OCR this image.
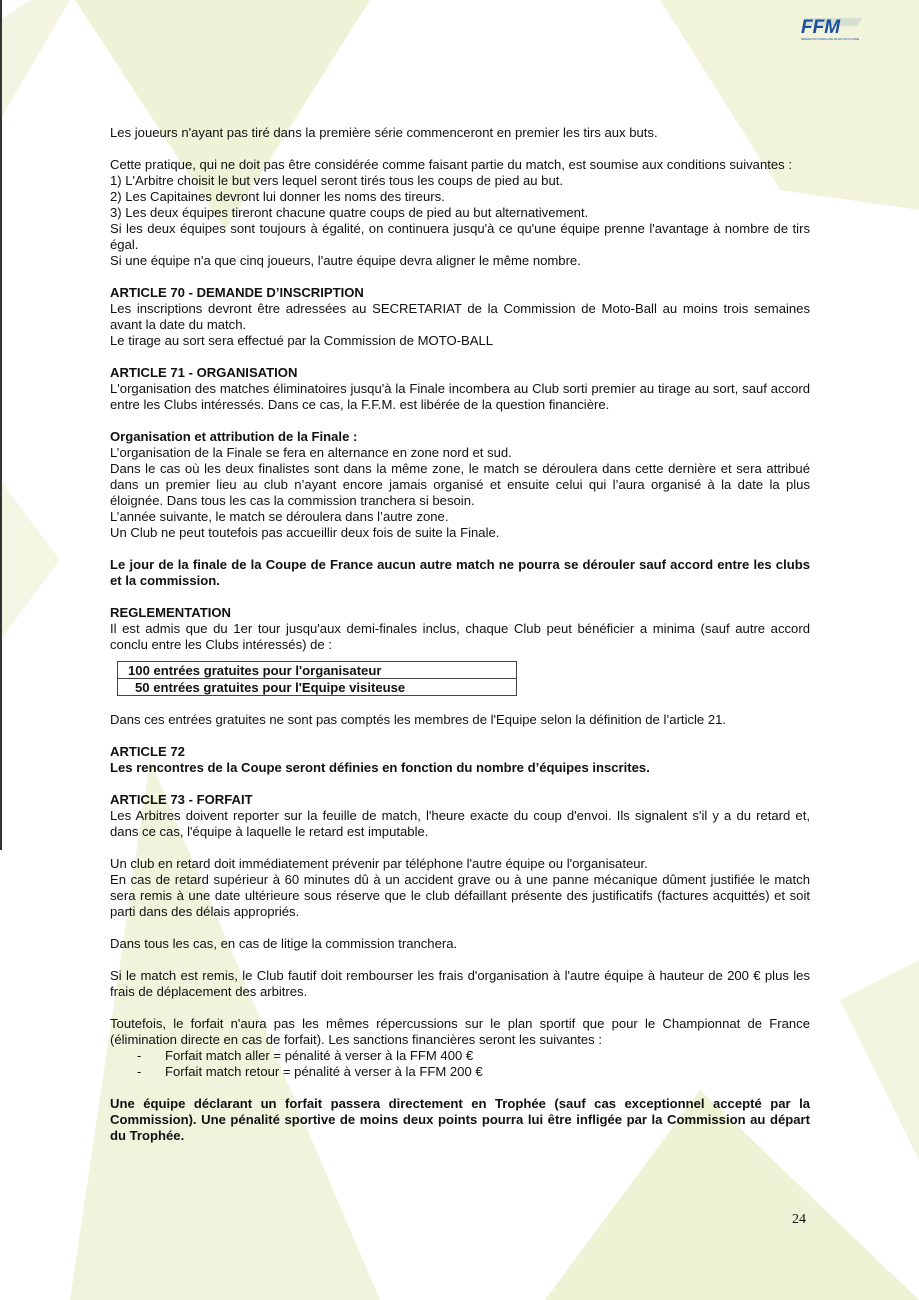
FFM
FÉDÉRATION FRANÇAISE DE MOTOCYCLISME

Les joueurs n'ayant pas tiré dans la première série commenceront en premier les tirs aux buts.

Cette pratique, qui ne doit pas être considérée comme faisant partie du match, est soumise aux conditions suivantes :

1) L'Arbitre choisit le but vers lequel seront tirés tous les coups de pied au but.

2) Les Capitaines devront lui donner les noms des tireurs.

3) Les deux équipes tireront chacune quatre coups de pied au but alternativement.

Si les deux équipes sont toujours à égalité, on continuera jusqu'à ce qu'une équipe prenne l'avantage à nombre de tirs égal.

Si une équipe n'a que cinq joueurs, l'autre équipe devra aligner le même nombre.

ARTICLE 70 - DEMANDE D’INSCRIPTION

Les inscriptions devront être adressées au SECRETARIAT de la Commission de Moto-Ball au moins trois semaines avant la date du match.

Le tirage au sort sera effectué par la Commission de MOTO-BALL

ARTICLE 71 - ORGANISATION

L'organisation des matches éliminatoires jusqu'à la Finale incombera au Club sorti premier au tirage au sort, sauf accord entre les Clubs intéressés. Dans ce cas, la F.F.M. est libérée de la question financière.

Organisation et attribution de la Finale :

L’organisation de la Finale se fera en alternance en zone nord et sud.

Dans le cas où les deux finalistes sont dans la même zone, le match se déroulera dans cette dernière et sera attribué dans un premier lieu au club n’ayant encore jamais organisé et ensuite celui qui l’aura organisé à la date la plus éloignée. Dans tous les cas la commission tranchera si besoin.

L’année suivante, le match se déroulera dans l’autre zone.

Un Club ne peut toutefois pas accueillir deux fois de suite la Finale.

Le jour de la finale de la Coupe de France aucun autre match ne pourra se dérouler sauf accord entre les clubs et la commission.

REGLEMENTATION

Il est admis que du 1er tour jusqu'aux demi-finales inclus, chaque Club peut bénéficier a minima (sauf autre accord conclu entre les Clubs intéressés) de :

100 entrées gratuites pour l'organisateur
50 entrées gratuites pour l'Equipe visiteuse

Dans ces entrées gratuites ne sont pas comptés les membres de l'Equipe selon la définition de l’article 21.

ARTICLE 72

Les rencontres de la Coupe seront définies en fonction du nombre d’équipes inscrites.

ARTICLE 73 - FORFAIT

Les Arbitres doivent reporter sur la feuille de match, l'heure exacte du coup d'envoi. Ils signalent s'il y a du retard et, dans ce cas, l'équipe à laquelle le retard est imputable.

Un club en retard doit immédiatement prévenir par téléphone l'autre équipe ou l'organisateur.

En cas de retard supérieur à 60 minutes dû à un accident grave ou à une panne mécanique dûment justifiée le match sera remis à une date ultérieure sous réserve que le club défaillant présente des justificatifs (factures acquittés) et soit parti dans des délais appropriés.

Dans tous les cas, en cas de litige la commission tranchera.

Si le match est remis, le Club fautif doit rembourser les frais d'organisation à l'autre équipe à hauteur de 200 € plus les frais de déplacement des arbitres.

Toutefois, le forfait n'aura pas les mêmes répercussions sur le plan sportif que pour le Championnat de France (élimination directe en cas de forfait). Les sanctions financières seront les suivantes :

- Forfait match aller = pénalité à verser à la FFM 400 €
- Forfait match retour = pénalité à verser à la FFM 200 €

Une équipe déclarant un forfait passera directement en Trophée (sauf cas exceptionnel accepté par la Commission). Une pénalité sportive de moins deux points pourra lui être infligée par la Commission au départ du Trophée.

24
